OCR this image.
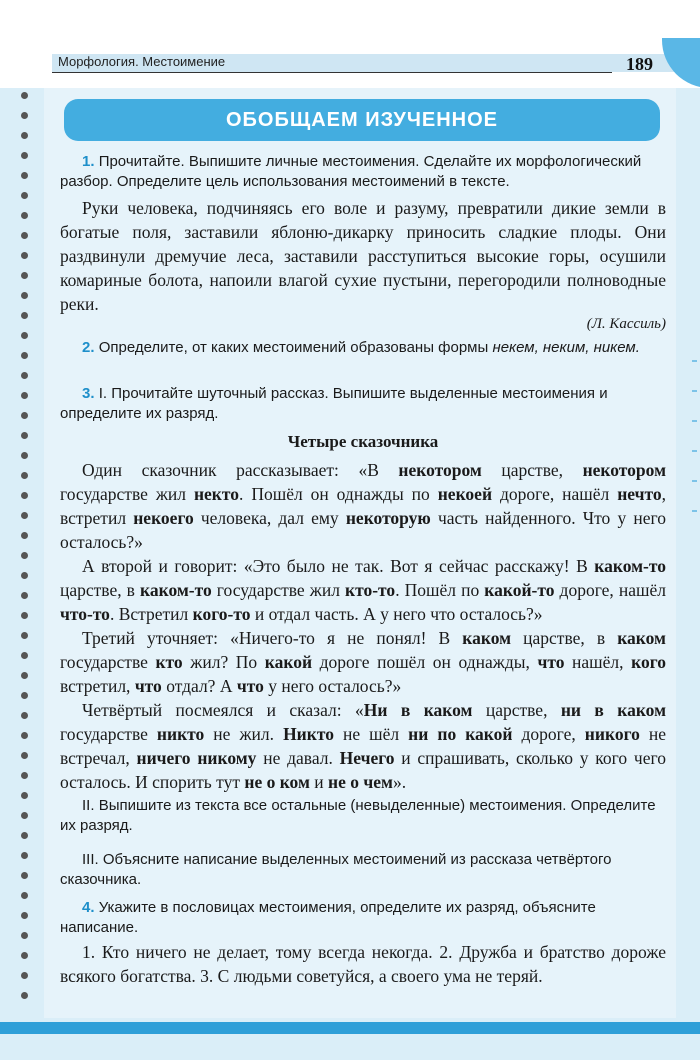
Морфология. Местоимение	189
ОБОБЩАЕМ ИЗУЧЕННОЕ

1. Прочитайте. Выпишите личные местоимения. Сделайте их морфологический разбор. Определите цель использования местоимений в тексте.

Руки человека, подчиняясь его воле и разуму, превратили дикие земли в богатые поля, заставили яблоню-дикарку приносить сладкие плоды. Они раздвинули дремучие леса, заставили расступиться высокие горы, осушили комариные болота, напоили влагой сухие пустыни, перегородили полноводные реки.

(Л. Кассиль)

2. Определите, от каких местоимений образованы формы некем, неким, никем.

3. I. Прочитайте шуточный рассказ. Выпишите выделенные местоимения и определите их разряд.

Четыре сказочника

Один сказочник рассказывает: «В некотором царстве, некотором государстве жил некто. Пошёл он однажды по некоей дороге, нашёл нечто, встретил некоего человека, дал ему некоторую часть найденного. Что у него осталось?»

А второй и говорит: «Это было не так. Вот я сейчас расскажу! В каком-то царстве, в каком-то государстве жил кто-то. Пошёл по какой-то дороге, нашёл что-то. Встретил кого-то и отдал часть. А у него что осталось?»

Третий уточняет: «Ничего-то я не понял! В каком царстве, в каком государстве кто жил? По какой дороге пошёл он однажды, что нашёл, кого встретил, что отдал? А что у него осталось?»

Четвёртый посмеялся и сказал: «Ни в каком царстве, ни в каком государстве никто не жил. Никто не шёл ни по какой дороге, никого не встречал, ничего никому не давал. Нечего и спрашивать, сколько у кого чего осталось. И спорить тут не о ком и не о чем».

II. Выпишите из текста все остальные (невыделенные) местоимения. Определите их разряд.

III. Объясните написание выделенных местоимений из рассказа четвёртого сказочника.

4. Укажите в пословицах местоимения, определите их разряд, объясните написание.

1. Кто ничего не делает, тому всегда некогда. 2. Дружба и братство дороже всякого богатства. 3. С людьми советуйся, а своего ума не теряй.
